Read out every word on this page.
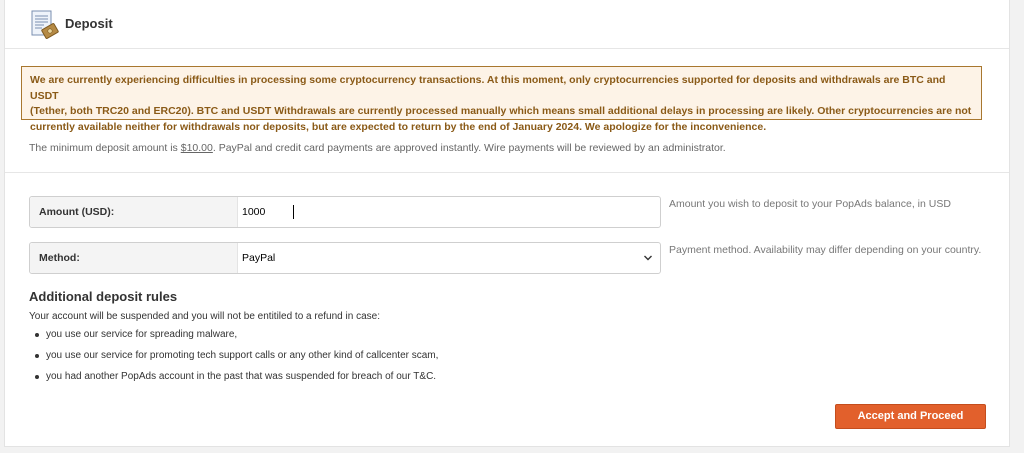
Deposit
We are currently experiencing difficulties in processing some cryptocurrency transactions. At this moment, only cryptocurrencies supported for deposits and withdrawals are BTC and USDT
(Tether, both TRC20 and ERC20). BTC and USDT Withdrawals are currently processed manually which means small additional delays in processing are likely. Other cryptocurrencies are not
currently available neither for withdrawals nor deposits, but are expected to return by the end of January 2024. We apologize for the inconvenience.
The minimum deposit amount is $10.00. PayPal and credit card payments are approved instantly. Wire payments will be reviewed by an administrator.
Amount (USD):
1000
Amount you wish to deposit to your PopAds balance, in USD
Method:	PayPal
Payment method. Availability may differ depending on your country.
Additional deposit rules
Your account will be suspended and you will not be entitiled to a refund in case:
you use our service for spreading malware,
you use our service for promoting tech support calls or any other kind of callcenter scam,
you had another PopAds account in the past that was suspended for breach of our T&C.
Accept and Proceed
